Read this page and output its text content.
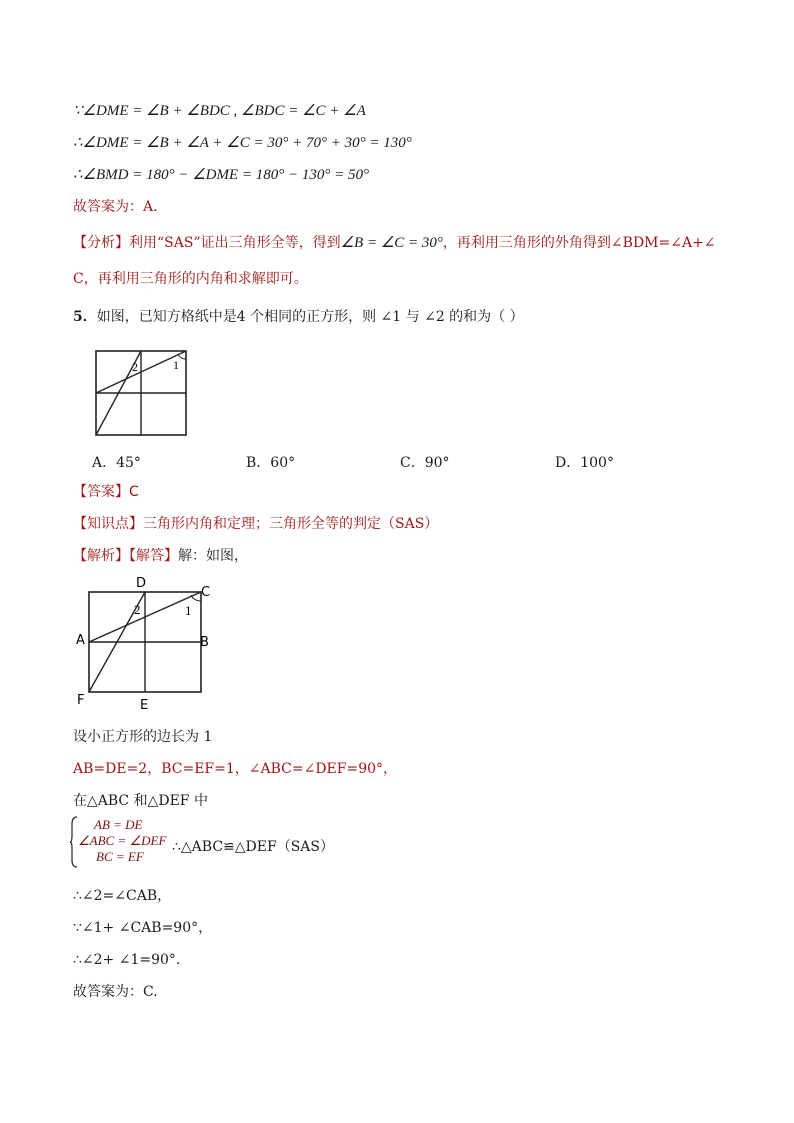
∵∠DME = ∠B + ∠BDC , ∠BDC = ∠C + ∠A
∴∠DME = ∠B + ∠A + ∠C = 30° + 70° + 30° = 130°
∴∠BMD = 180° − ∠DME = 180° − 130° = 50°
故答案为：A．
【分析】利用“SAS”证出三角形全等，得到∠B = ∠C = 30°，再利用三角形的外角得到∠BDM=∠A+∠
C，再利用三角形的内角和求解即可。
5．如图，已知方格纸中是4 个相同的正方形，则 ∠1 与 ∠2 的和为（ ）
1
2
A．45°	B．60°	C．90°	D．100°
【答案】C
【知识点】三角形内角和定理；三角形全等的判定（SAS）
【解析】【解答】解：如图，
1
2
D
C
A	B
F	E
设小正方形的边长为 1
AB=DE=2，BC=EF=1，∠ABC=∠DEF=90°，
在△ABC 和△DEF 中
AB = DE
∠ABC = ∠DEF
BC = EF
∴△ABC≌△DEF（SAS）
∴∠2=∠CAB，
∵∠1+ ∠CAB=90°，
∴∠2+ ∠1=90°.
故答案为：C.
